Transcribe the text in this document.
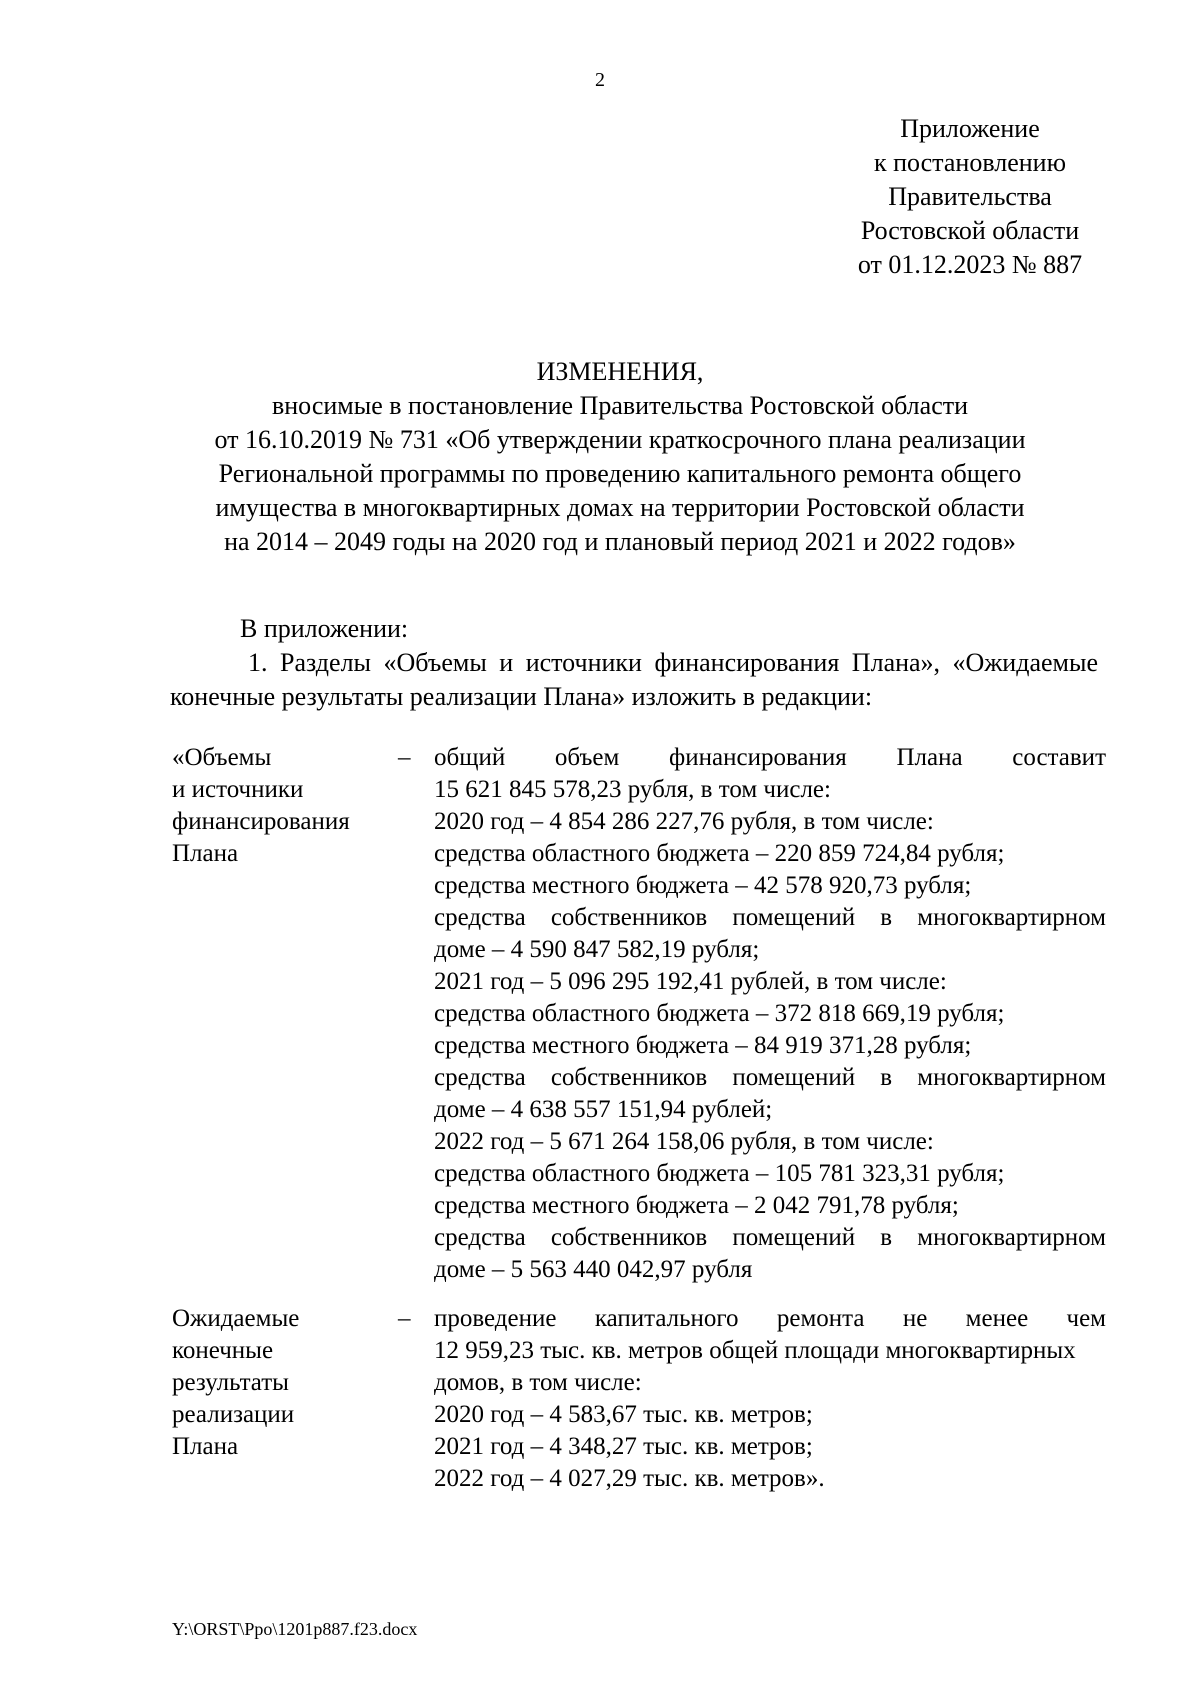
2
Приложение
к постановлению
Правительства
Ростовской области
от 01.12.2023 № 887
ИЗМЕНЕНИЯ,
вносимые в постановление Правительства Ростовской области
от 16.10.2019 № 731 «Об утверждении краткосрочного плана реализации
Региональной программы по проведению капитального ремонта общего
имущества в многоквартирных домах на территории Ростовской области
на 2014 – 2049 годы на 2020 год и плановый период 2021 и 2022 годов»
В приложении:
1. Разделы «Объемы и источники финансирования Плана», «Ожидаемые конечные результаты реализации Плана» изложить в редакции:
«Объемы
и источники
финансирования
Плана
– общий объем финансирования Плана составит
15 621 845 578,23 рубля, в том числе:
2020 год – 4 854 286 227,76 рубля, в том числе:
средства областного бюджета – 220 859 724,84 рубля;
средства местного бюджета – 42 578 920,73 рубля;
средства собственников помещений в многоквартирном
доме – 4 590 847 582,19 рубля;
2021 год – 5 096 295 192,41 рублей, в том числе:
средства областного бюджета – 372 818 669,19 рубля;
средства местного бюджета – 84 919 371,28 рубля;
средства собственников помещений в многоквартирном
доме – 4 638 557 151,94 рублей;
2022 год – 5 671 264 158,06 рубля, в том числе:
средства областного бюджета – 105 781 323,31 рубля;
средства местного бюджета – 2 042 791,78 рубля;
средства собственников помещений в многоквартирном
доме – 5 563 440 042,97 рубля
Ожидаемые
конечные
результаты
реализации
Плана
– проведение капитального ремонта не менее чем
12 959,23 тыс. кв. метров общей площади многоквартирных
домов, в том числе:
2020 год – 4 583,67 тыс. кв. метров;
2021 год – 4 348,27 тыс. кв. метров;
2022 год – 4 027,29 тыс. кв. метров».
Y:\ORST\Ppo\1201p887.f23.docx
